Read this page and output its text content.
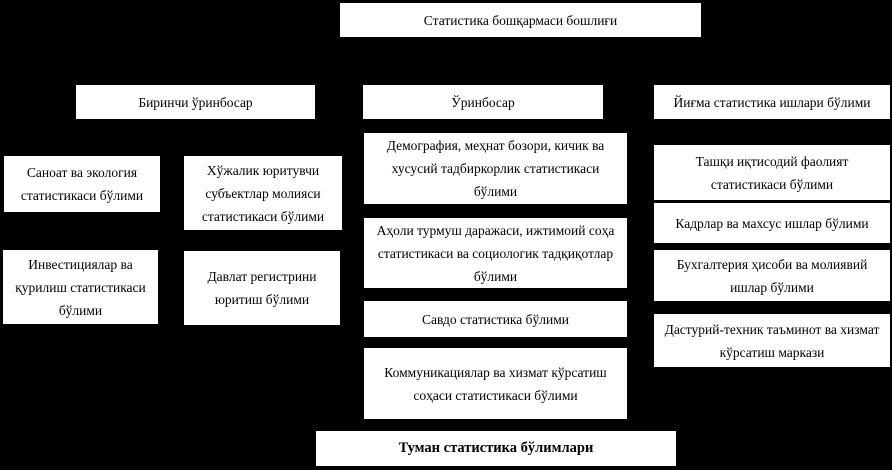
Статистика бошқармаси бошлиғи
Биринчи ўринбосар	Ўринбосар	Йиғма статистика ишлари бўлими
Саноат ва экология статистикаси бўлими
Хўжалик юритувчи субъектлар молияси статистикаси бўлими
Демография, меҳнат бозори, кичик ва хусусий тадбиркорлик статистикаси бўлими
Ташқи иқтисодий фаолият статистикаси бўлими
Кадрлар ва махсус ишлар бўлими
Аҳоли турмуш даражаси, ижтимоий соҳа статистикаси ва социологик тадқиқотлар бўлими
Инвестициялар ва қурилиш статистикаси бўлими
Давлат регистрини юритиш бўлими
Бухгалтерия ҳисоби ва молиявий ишлар бўлими
Савдо статистика бўлими
Дастурий-техник таъминот ва хизмат кўрсатиш маркази
Коммуникациялар ва хизмат кўрсатиш соҳаси статистикаси бўлими
Туман статистика бўлимлари
